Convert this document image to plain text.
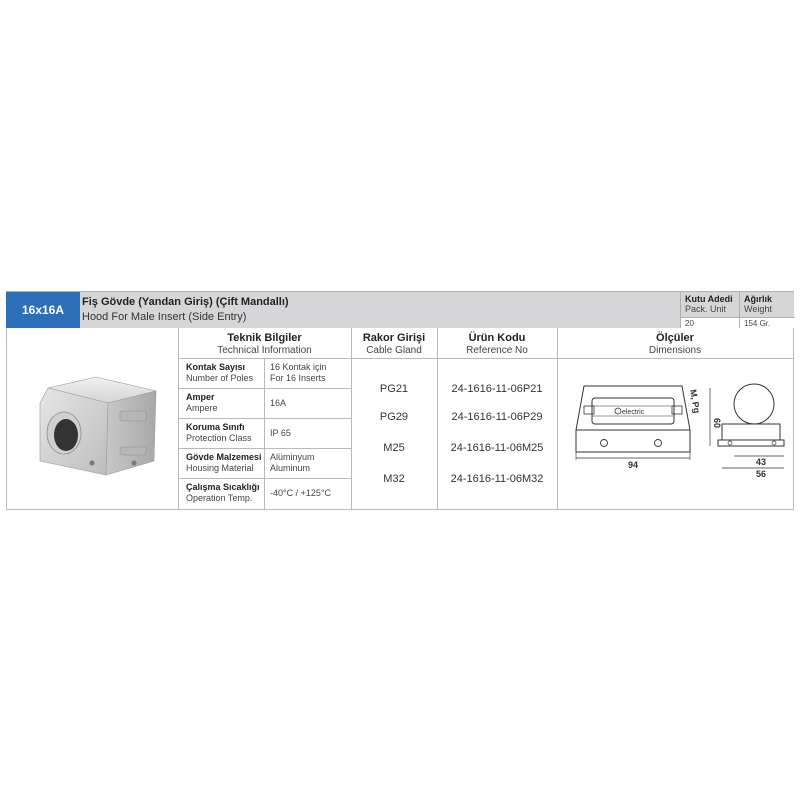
16x16A
Fiş Gövde (Yandan Giriş) (Çift Mandallı)
Hood For Male Insert (Side Entry)
Kutu Adedi
Pack. Unit
20
Ağırlık
Weight
154 Gr.
Teknik Bilgiler
Technical Information
Rakor Girişi
Cable Gland
Ürün Kodu
Reference No
Ölçüler
Dimensions
Kontak Sayısı
Number of Poles
16 Kontak için
For 16 Inserts
Amper
Ampere	16A
Koruma Sınıfı
Protection Class IP 65
Gövde Malzemesi
Housing Material
Alüminyum
Aluminum
Çalışma Sıcaklığı
Operation Temp. -40°C / +125°C
PG21
PG29
M25
M32
24-1616-11-06P21
24-1616-11-06P29
24-1616-11-06M25
24-1616-11-06M32
electric
94
M, Pg
60
43
56
